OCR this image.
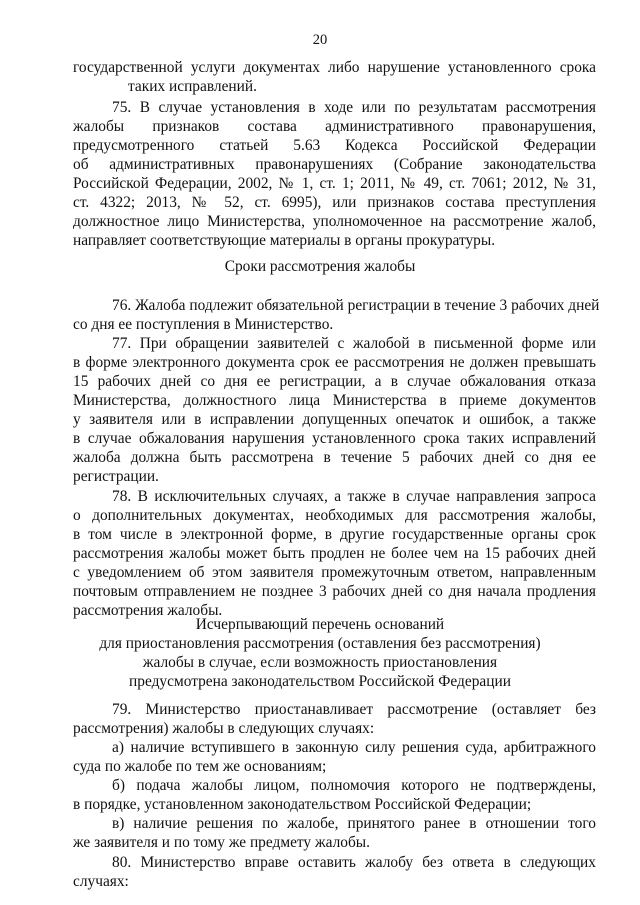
20
государственной услуги документах либо нарушение установленного срока
таких исправлений.
75. В случае установления в ходе или по результатам рассмотрения
жалобы признаков состава административного правонарушения,
предусмотренного статьей 5.63 Кодекса Российской Федерации
об административных правонарушениях (Собрание законодательства
Российской Федерации, 2002, № 1, ст. 1; 2011, № 49, ст. 7061; 2012, № 31,
ст. 4322; 2013, № 52, ст. 6995), или признаков состава преступления
должностное лицо Министерства, уполномоченное на рассмотрение жалоб,
направляет соответствующие материалы в органы прокуратуры.
76. Жалоба подлежит обязательной регистрации в течение 3 рабочих дней
со дня ее поступления в Министерство.
77. При обращении заявителей с жалобой в письменной форме или
в форме электронного документа срок ее рассмотрения не должен превышать
15 рабочих дней со дня ее регистрации, а в случае обжалования отказа
Министерства, должностного лица Министерства в приеме документов
у заявителя или в исправлении допущенных опечаток и ошибок, а также
в случае обжалования нарушения установленного срока таких исправлений
жалоба должна быть рассмотрена в течение 5 рабочих дней со дня ее
регистрации.
78. В исключительных случаях, а также в случае направления запроса
о дополнительных документах, необходимых для рассмотрения жалобы,
в том числе в электронной форме, в другие государственные органы срок
рассмотрения жалобы может быть продлен не более чем на 15 рабочих дней
с уведомлением об этом заявителя промежуточным ответом, направленным
почтовым отправлением не позднее 3 рабочих дней со дня начала продления
рассмотрения жалобы.
79. Министерство приостанавливает рассмотрение (оставляет без
рассмотрения) жалобы в следующих случаях:
а) наличие вступившего в законную силу решения суда, арбитражного
суда по жалобе по тем же основаниям;
б) подача жалобы лицом, полномочия которого не подтверждены,
в порядке, установленном законодательством Российской Федерации;
в) наличие решения по жалобе, принятого ранее в отношении того
же заявителя и по тому же предмету жалобы.
80. Министерство вправе оставить жалобу без ответа в следующих
случаях:
Сроки рассмотрения жалобы
Исчерпывающий перечень оснований
для приостановления рассмотрения (оставления без рассмотрения)
жалобы в случае, если возможность приостановления
предусмотрена законодательством Российской Федерации
